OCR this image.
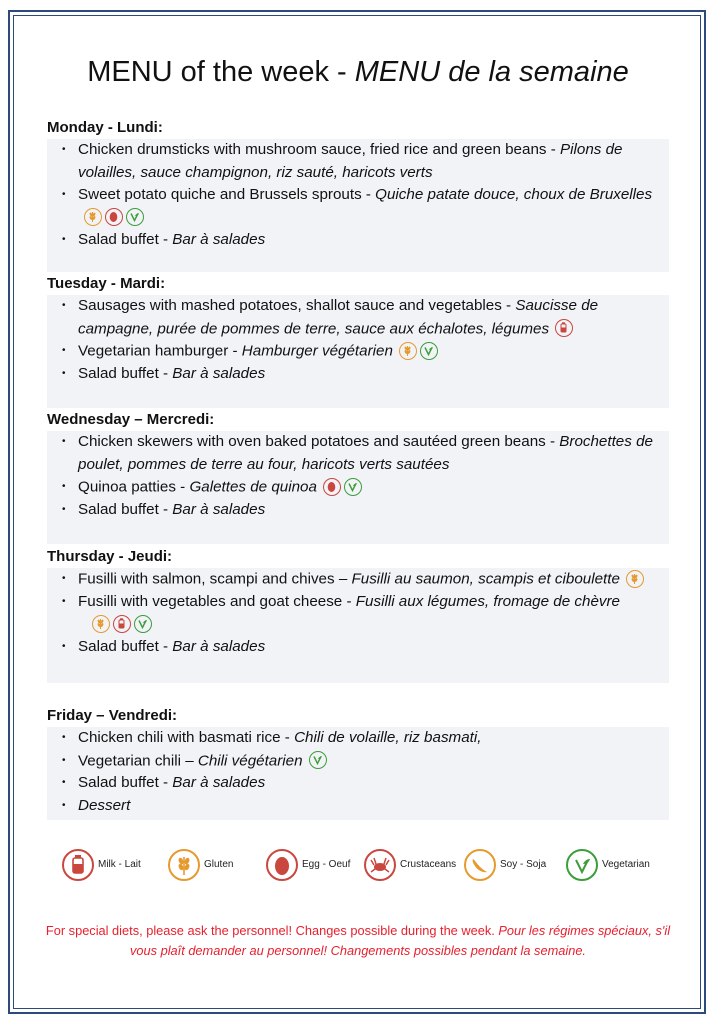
MENU of the week - MENU de la semaine
Monday - Lundi:
• Chicken drumsticks with mushroom sauce, fried rice and green beans - Pilons de volailles, sauce champignon, riz sauté, haricots verts
• Sweet potato quiche and Brussels sprouts - Quiche patate douce, choux de Bruxelles
• Salad buffet - Bar à salades
Tuesday - Mardi:
• Sausages with mashed potatoes, shallot sauce and vegetables - Saucisse de campagne, purée de pommes de terre, sauce aux échalotes, légumes
• Vegetarian hamburger - Hamburger végétarien
• Salad buffet - Bar à salades
Wednesday – Mercredi:
• Chicken skewers with oven baked potatoes and sautéed green beans - Brochettes de poulet, pommes de terre au four, haricots verts sautées
• Quinoa patties - Galettes de quinoa
• Salad buffet - Bar à salades
Thursday - Jeudi:
• Fusilli with salmon, scampi and chives – Fusilli au saumon, scampis et ciboulette
• Fusilli with vegetables and goat cheese - Fusilli aux légumes, fromage de chèvre
• Salad buffet - Bar à salades
Friday – Vendredi:
• Chicken chili with basmati rice - Chili de volaille, riz basmati,
• Vegetarian chili – Chili végétarien
• Salad buffet - Bar à salades
• Dessert
Milk - Lait	Gluten	Egg - Oeuf	Crustaceans	Soy - Soja	Vegetarian
For special diets, please ask the personnel! Changes possible during the week. Pour les régimes spéciaux, s'il vous plaît demander au personnel! Changements possibles pendant la semaine.
